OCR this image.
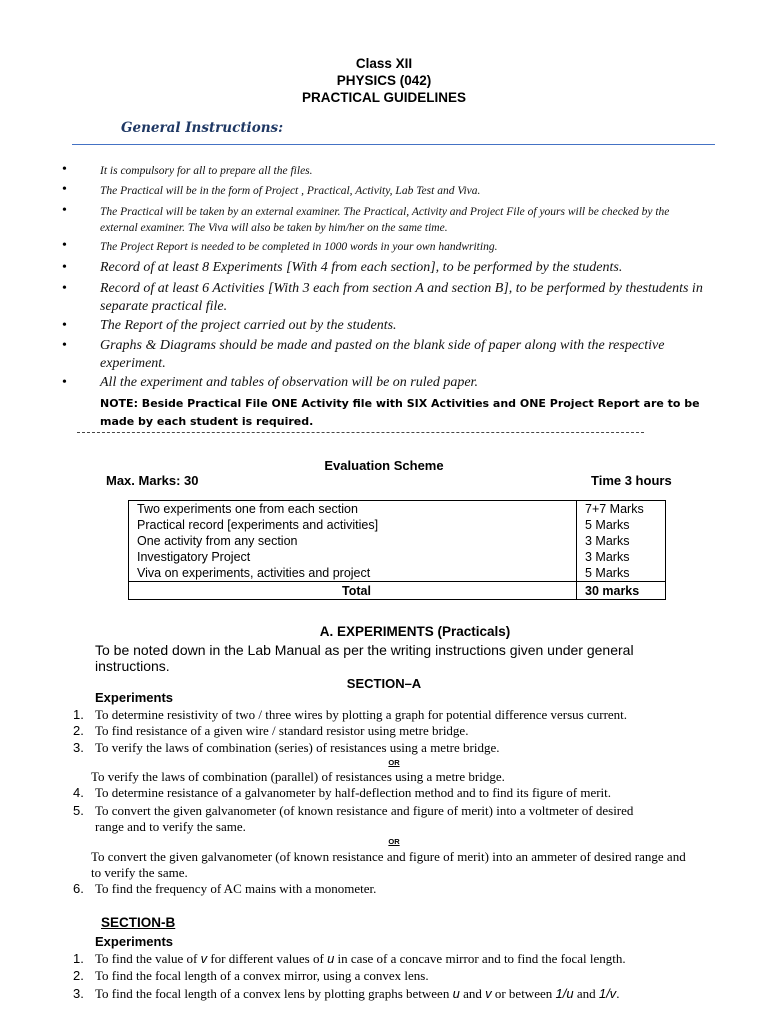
Class XII
PHYSICS (042)
PRACTICAL GUIDELINES
General Instructions:
•	It is compulsory for all to prepare all the files.
•	The Practical will be in the form of Project , Practical, Activity, Lab Test and Viva.
•	The Practical will be taken by an external examiner. The Practical, Activity and Project File of yours will be checked by the external examiner. The Viva will also be taken by him/her on the same time.
•	The Project Report is needed to be completed in 1000 words in your own handwriting.
• Record of at least 8 Experiments [With 4 from each section], to be performed by the students.
• Record of at least 6 Activities [With 3 each from section A and section B], to be performed by thestudents in separate practical file.
• The Report of the project carried out by the students.
• Graphs & Diagrams should be made and pasted on the blank side of paper along with the respective experiment.
• All the experiment and tables of observation will be on ruled paper.
NOTE: Beside Practical File ONE Activity file with SIX Activities and ONE Project Report are to be made by each student is required.
Evaluation Scheme
Max. Marks: 30	Time 3 hours
Two experiments one from each section	7+7 Marks
Practical record [experiments and activities]	5 Marks
One activity from any section	3 Marks
Investigatory Project	3 Marks
Viva on experiments, activities and project	5 Marks
Total	30 marks
A. EXPERIMENTS (Practicals)
To be noted down in the Lab Manual as per the writing instructions given under general instructions.
SECTION–A
Experiments
1. To determine resistivity of two / three wires by plotting a graph for potential difference versus current.
2. To find resistance of a given wire / standard resistor using metre bridge.
3. To verify the laws of combination (series) of resistances using a metre bridge.
OR
To verify the laws of combination (parallel) of resistances using a metre bridge.
4. To determine resistance of a galvanometer by half-deflection method and to find its figure of merit.
5. To convert the given galvanometer (of known resistance and figure of merit) into a voltmeter of desired range and to verify the same.
OR
To convert the given galvanometer (of known resistance and figure of merit) into an ammeter of desired range and to verify the same.
6. To find the frequency of AC mains with a monometer.
SECTION-B
Experiments
1. To find the value of v for different values of u in case of a concave mirror and to find the focal length.
2. To find the focal length of a convex mirror, using a convex lens.
3. To find the focal length of a convex lens by plotting graphs between u and v or between 1/u and 1/v.
